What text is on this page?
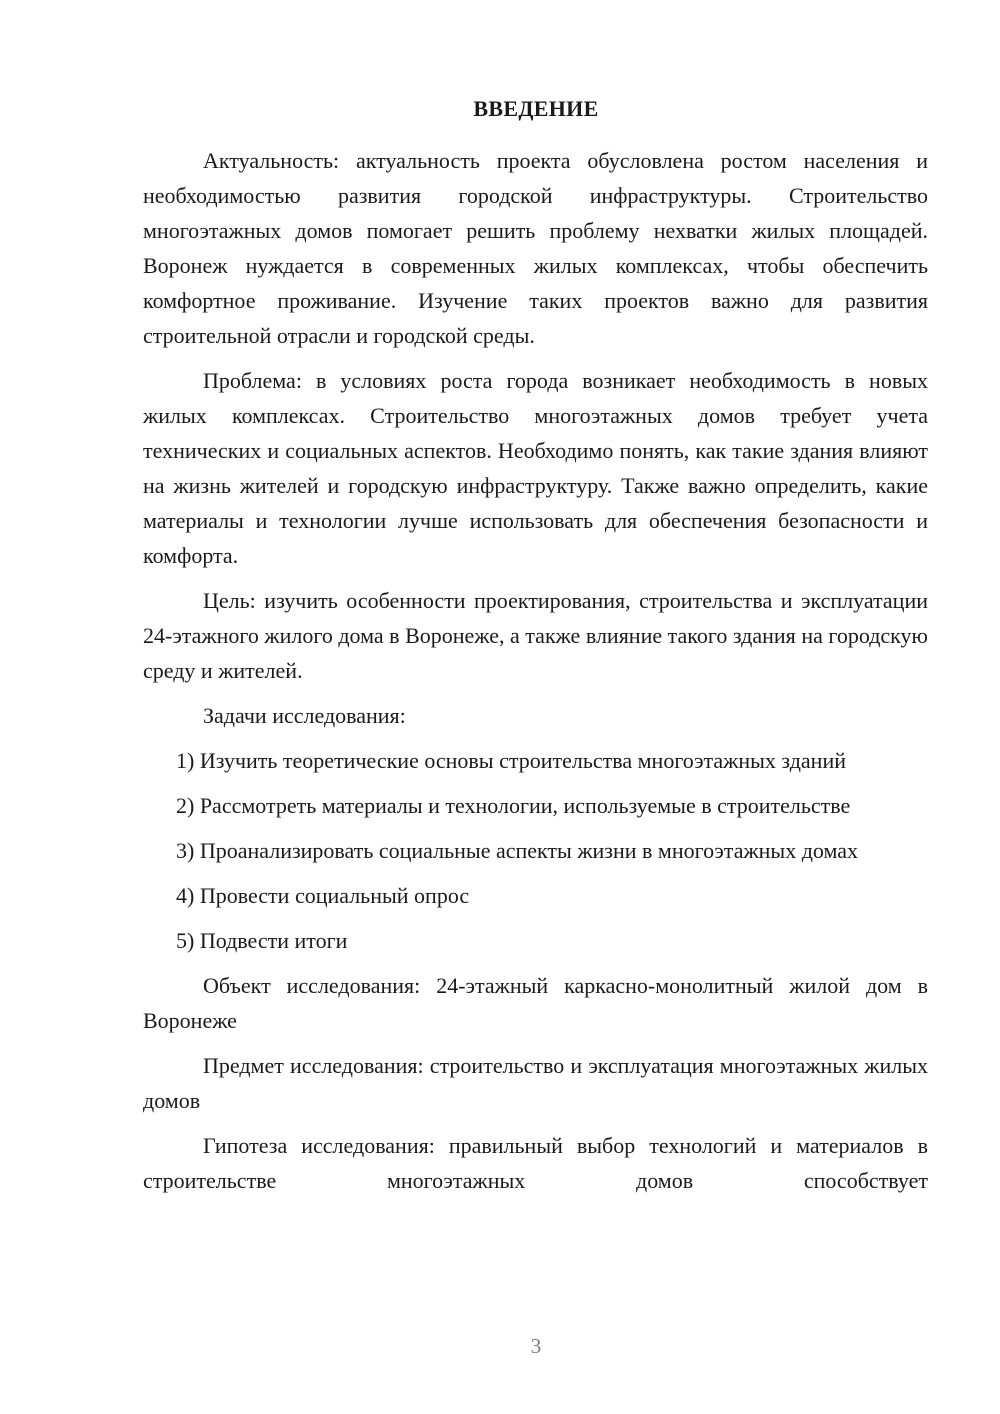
ВВЕДЕНИЕ

Актуальность: актуальность проекта обусловлена ростом населения и необходимостью развития городской инфраструктуры. Строительство многоэтажных домов помогает решить проблему нехватки жилых площадей. Воронеж нуждается в современных жилых комплексах, чтобы обеспечить комфортное проживание. Изучение таких проектов важно для развития строительной отрасли и городской среды.

Проблема: в условиях роста города возникает необходимость в новых жилых комплексах. Строительство многоэтажных домов требует учета технических и социальных аспектов. Необходимо понять, как такие здания влияют на жизнь жителей и городскую инфраструктуру. Также важно определить, какие материалы и технологии лучше использовать для обеспечения безопасности и комфорта.

Цель: изучить особенности проектирования, строительства и эксплуатации 24-этажного жилого дома в Воронеже, а также влияние такого здания на городскую среду и жителей.

Задачи исследования:

1) Изучить теоретические основы строительства многоэтажных зданий

2) Рассмотреть материалы и технологии, используемые в строительстве

3) Проанализировать социальные аспекты жизни в многоэтажных домах

4) Провести социальный опрос

5) Подвести итоги

Объект исследования: 24-этажный каркасно-монолитный жилой дом в Воронеже

Предмет исследования: строительство и эксплуатация многоэтажных жилых домов

Гипотеза исследования: правильный выбор технологий и материалов в строительстве многоэтажных домов способствует

3
